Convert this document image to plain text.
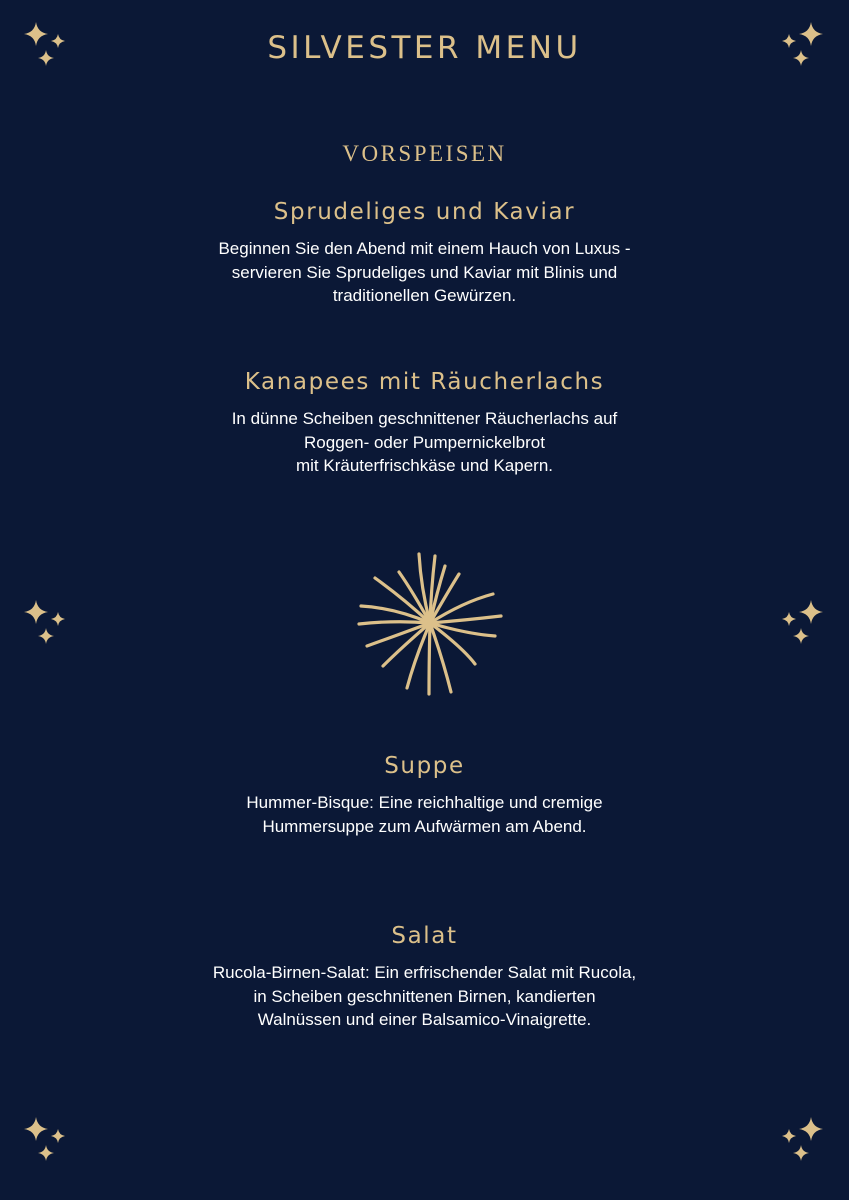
SILVESTER MENU
VORSPEISEN
Sprudeliges und Kaviar

Beginnen Sie den Abend mit einem Hauch von Luxus -
servieren Sie Sprudeliges und Kaviar mit Blinis und
traditionellen Gewürzen.

Kanapees mit Räucherlachs

In dünne Scheiben geschnittener Räucherlachs auf
Roggen- oder Pumpernickelbrot
mit Kräuterfrischkäse und Kapern.

Suppe

Hummer-Bisque: Eine reichhaltige und cremige
Hummersuppe zum Aufwärmen am Abend.

Salat

Rucola-Birnen-Salat: Ein erfrischender Salat mit Rucola,
in Scheiben geschnittenen Birnen, kandierten
Walnüssen und einer Balsamico-Vinaigrette.
